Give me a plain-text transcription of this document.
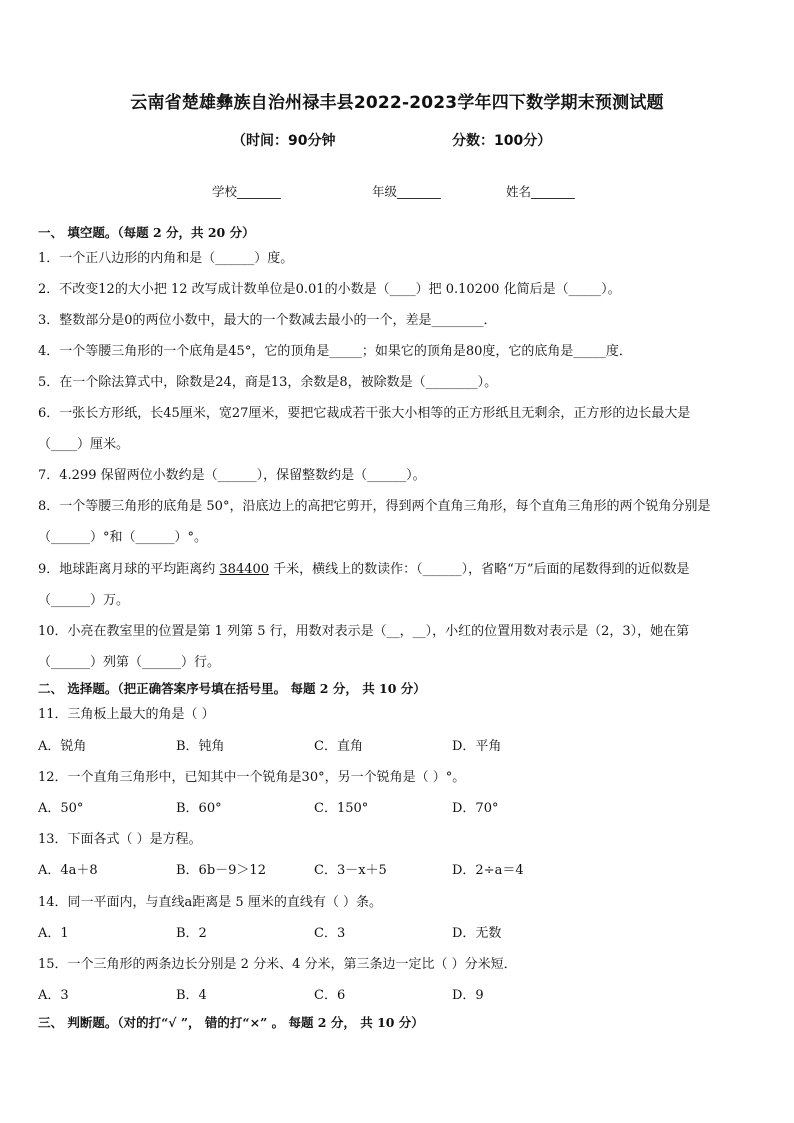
云南省楚雄彝族自治州禄丰县2022-2023学年四下数学期末预测试题
（时间：90分钟	分数：100分）
学校_______	年级_______	姓名_______
一、 填空题。（每题 2 分，共 20 分）
1．一个正八边形的内角和是（______）度。
2．不改变12的大小把 12 改写成计数单位是0.01的小数是（____）把 0.10200 化简后是（_____）。
3．整数部分是0的两位小数中，最大的一个数减去最小的一个，差是________．
4．一个等腰三角形的一个底角是45°，它的顶角是_____；如果它的顶角是80度，它的底角是_____度．
5．在一个除法算式中，除数是24，商是13，余数是8，被除数是（________）。
6．一张长方形纸，长45厘米，宽27厘米，要把它裁成若干张大小相等的正方形纸且无剩余，正方形的边长最大是
（____）厘米。
7．4.299 保留两位小数约是（______），保留整数约是（______）。
8．一个等腰三角形的底角是 50°，沿底边上的高把它剪开，得到两个直角三角形，每个直角三角形的两个锐角分别是
（______）°和（______）°。
9．地球距离月球的平均距离约 384400 千米，横线上的数读作：（______），省略“万”后面的尾数得到的近似数是
（______）万。
10．小亮在教室里的位置是第 1 列第 5 行，用数对表示是（__，__），小红的位置用数对表示是（2，3），她在第
（______）列第（______）行。
二、 选择题。（把正确答案序号填在括号里。 每题 2 分， 共 10 分）
11．三角板上最大的角是（ ）
A．锐角	B．钝角	C．直角	D．平角
12．一个直角三角形中，已知其中一个锐角是30°，另一个锐角是（ ）°。
A．50°	B．60°	C．150°	D．70°
13．下面各式（ ）是方程。
A．4a＋8	B．6b－9＞12	C．3－x＋5	D．2÷a＝4
14．同一平面内，与直线a距离是 5 厘米的直线有（ ）条。
A．1	B．2	C．3	D．无数
15．一个三角形的两条边长分别是 2 分米、4 分米，第三条边一定比（ ）分米短．
A．3	B．4	C．6	D．9
三、 判断题。（对的打“√ ”， 错的打“×” 。 每题 2 分， 共 10 分）
